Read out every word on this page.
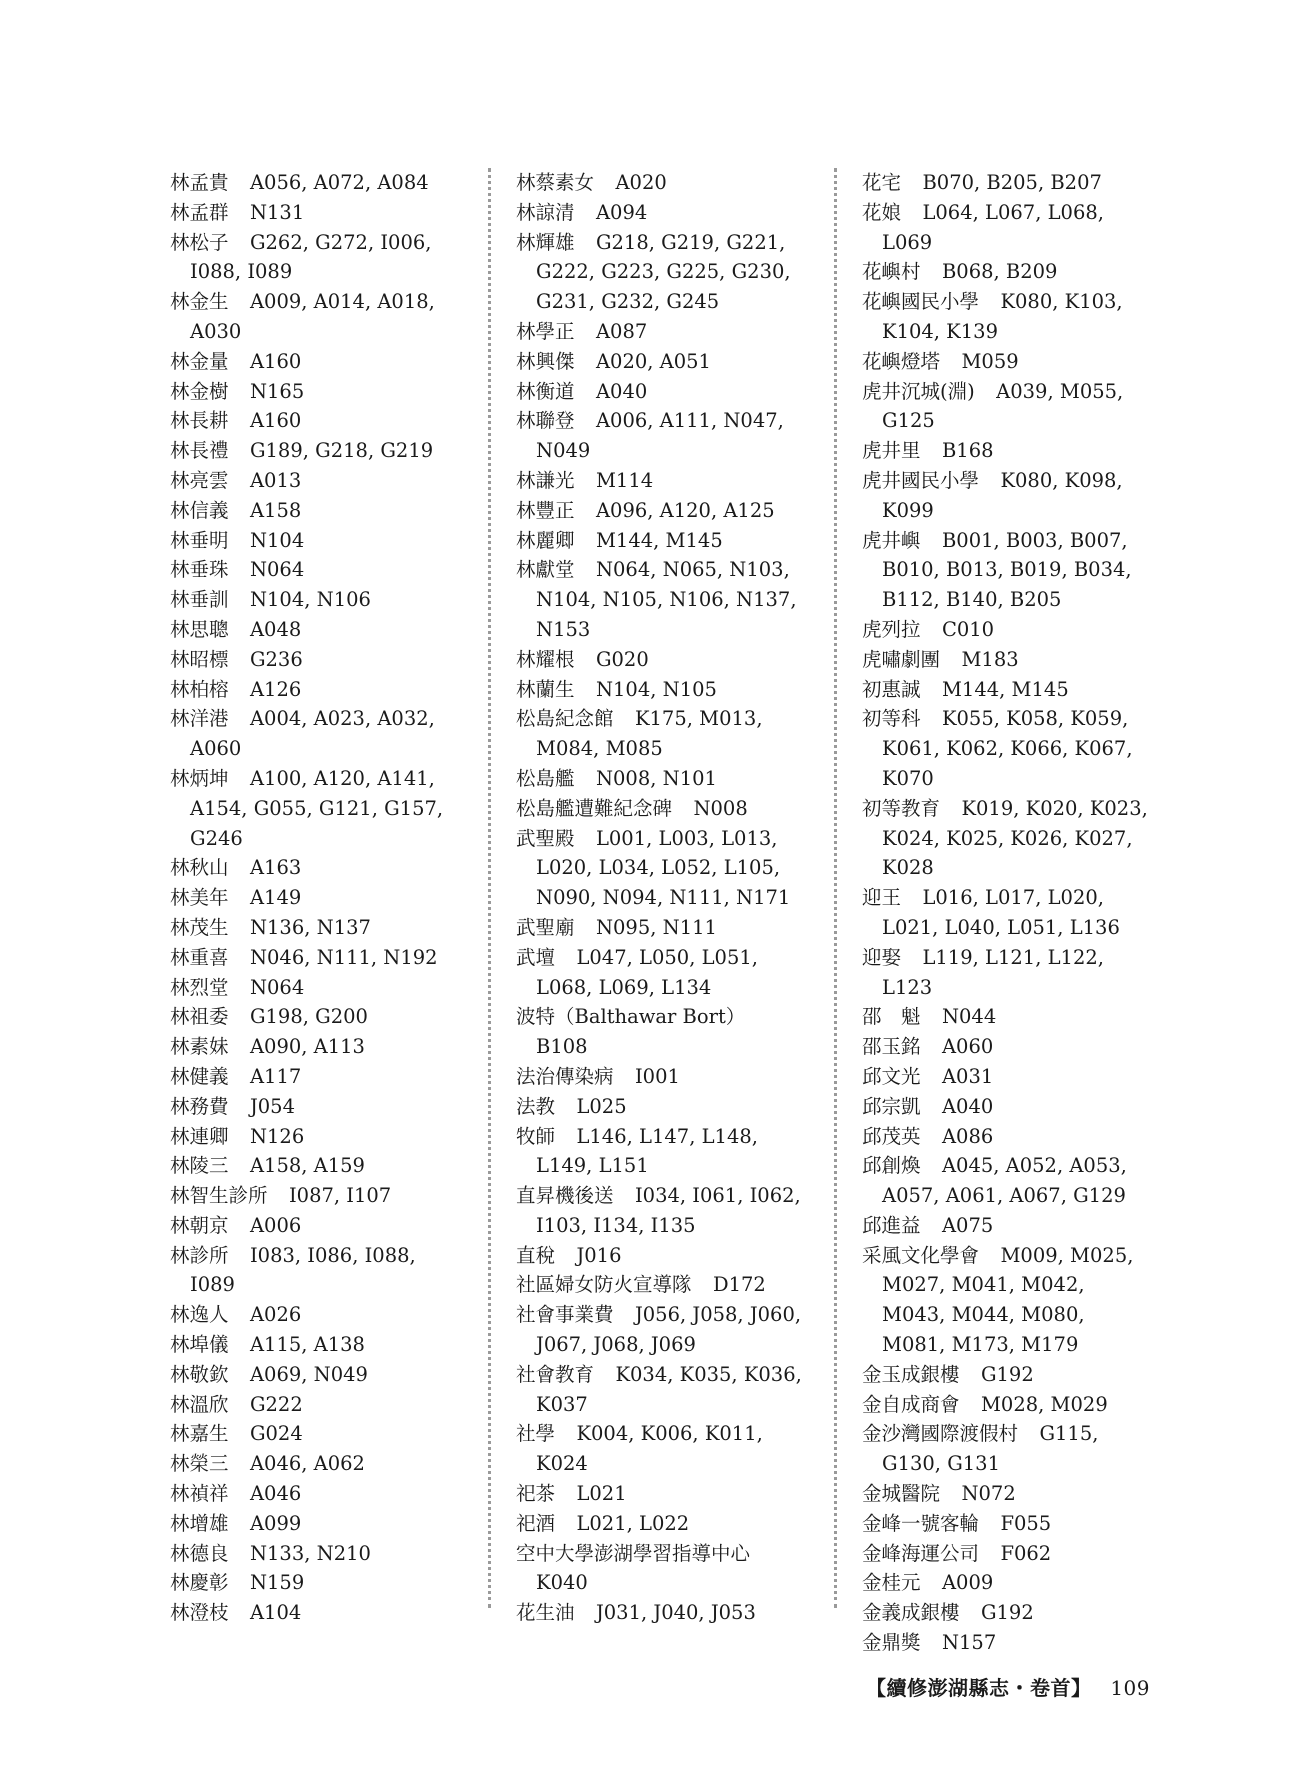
林孟貴 A056, A072, A084
林孟群 N131
林松子 G262, G272, I006, I088, I089
林金生 A009, A014, A018, A030
林金量 A160
林金樹 N165
林長耕 A160
林長禮 G189, G218, G219
林亮雲 A013
林信義 A158
林垂明 N104
林垂珠 N064
林垂訓 N104, N106
林思聰 A048
林昭標 G236
林柏榕 A126
林洋港 A004, A023, A032, A060
林炳坤 A100, A120, A141, A154, G055, G121, G157, G246
林秋山 A163
林美年 A149
林茂生 N136, N137
林重喜 N046, N111, N192
林烈堂 N064
林祖委 G198, G200
林素妹 A090, A113
林健義 A117
林務費 J054
林連卿 N126
林陵三 A158, A159
林智生診所 I087, I107
林朝京 A006
林診所 I083, I086, I088, I089
林逸人 A026
林埠儀 A115, A138
林敬欽 A069, N049
林溫欣 G222
林嘉生 G024
林榮三 A046, A062
林禎祥 A046
林增雄 A099
林德良 N133, N210
林慶彰 N159
林澄枝 A104
林蔡素女 A020
林諒清 A094
林輝雄 G218, G219, G221, G222, G223, G225, G230, G231, G232, G245
林學正 A087
林興傑 A020, A051
林衡道 A040
林聯登 A006, A111, N047, N049
林謙光 M114
林豐正 A096, A120, A125
林麗卿 M144, M145
林獻堂 N064, N065, N103, N104, N105, N106, N137, N153
林耀根 G020
林蘭生 N104, N105
松島紀念館 K175, M013, M084, M085
松島艦 N008, N101
松島艦遭難紀念碑 N008
武聖殿 L001, L003, L013, L020, L034, L052, L105, N090, N094, N111, N171
武聖廟 N095, N111
武壇 L047, L050, L051, L068, L069, L134
波特（Balthawar Bort）B108
法治傳染病 I001
法教 L025
牧師 L146, L147, L148, L149, L151
直昇機後送 I034, I061, I062, I103, I134, I135
直稅 J016
社區婦女防火宣導隊 D172
社會事業費 J056, J058, J060, J067, J068, J069
社會教育 K034, K035, K036, K037
社學 K004, K006, K011, K024
祀茶 L021
祀酒 L021, L022
空中大學澎湖學習指導中心K040
花生油 J031, J040, J053
花宅 B070, B205, B207
花娘 L064, L067, L068, L069
花嶼村 B068, B209
花嶼國民小學 K080, K103, K104, K139
花嶼燈塔 M059
虎井沉城(淵) A039, M055, G125
虎井里 B168
虎井國民小學 K080, K098, K099
虎井嶼 B001, B003, B007, B010, B013, B019, B034, B112, B140, B205
虎列拉 C010
虎嘯劇團 M183
初惠誠 M144, M145
初等科 K055, K058, K059, K061, K062, K066, K067, K070
初等教育 K019, K020, K023, K024, K025, K026, K027, K028
迎王 L016, L017, L020, L021, L040, L051, L136
迎娶 L119, L121, L122, L123
邵　魁 N044
邵玉銘 A060
邱文光 A031
邱宗凱 A040
邱茂英 A086
邱創煥 A045, A052, A053, A057, A061, A067, G129
邱進益 A075
采風文化學會 M009, M025, M027, M041, M042, M043, M044, M080, M081, M173, M179
金玉成銀樓 G192
金自成商會 M028, M029
金沙灣國際渡假村 G115, G130, G131
金城醫院 N072
金峰一號客輪 F055
金峰海運公司 F062
金桂元 A009
金義成銀樓 G192
金鼎獎 N157
【續修澎湖縣志・卷首】 109
